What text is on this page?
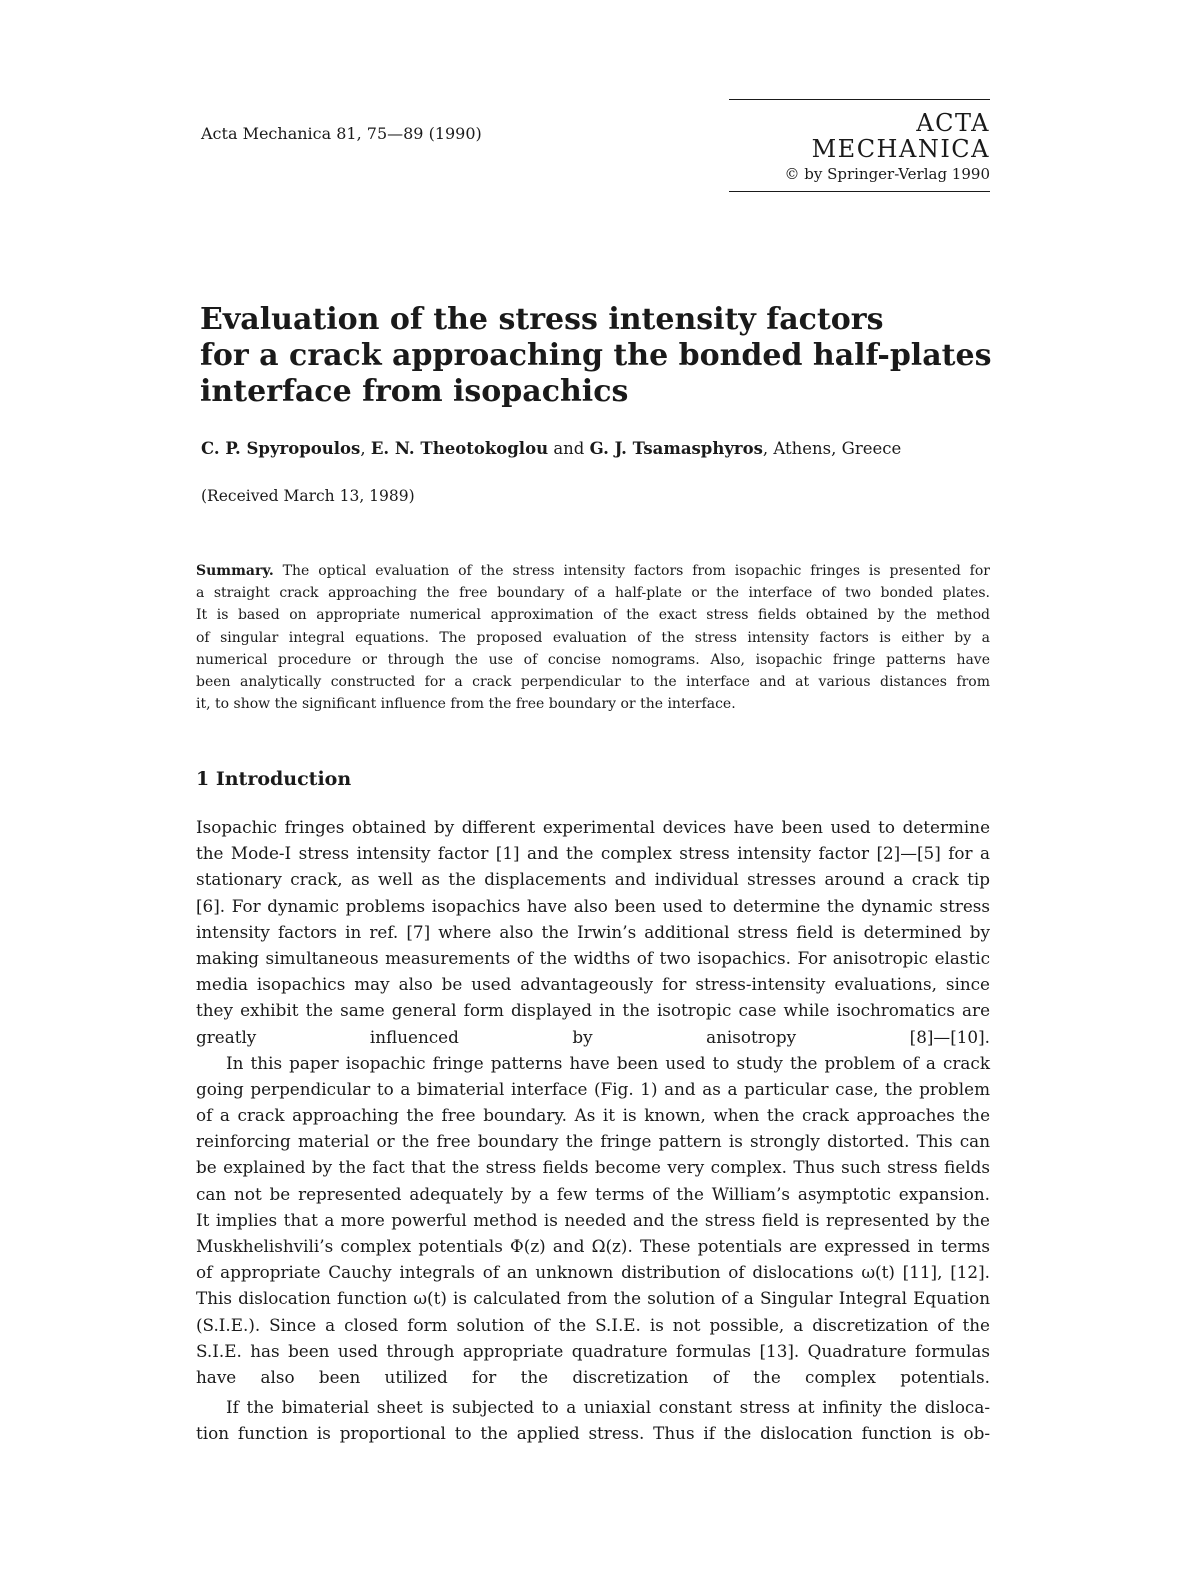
Acta Mechanica 81, 75—89 (1990)	ACTA MECHANICA
© by Springer-Verlag 1990
Evaluation of the stress intensity factors
for a crack approaching the bonded half-plates
interface from isopachics
C. P. Spyropoulos, E. N. Theotokoglou and G. J. Tsamasphyros, Athens, Greece
(Received March 13, 1989)
Summary. The optical evaluation of the stress intensity factors from isopachic fringes is presented for
a straight crack approaching the free boundary of a half-plate or the interface of two bonded plates.
It is based on appropriate numerical approximation of the exact stress fields obtained by the method
of singular integral equations. The proposed evaluation of the stress intensity factors is either by a
numerical procedure or through the use of concise nomograms. Also, isopachic fringe patterns have
been analytically constructed for a crack perpendicular to the interface and at various distances from
it, to show the significant influence from the free boundary or the interface.
1 Introduction
Isopachic fringes obtained by different experimental devices have been used to determine
the Mode-I stress intensity factor [1] and the complex stress intensity factor [2]—[5] for a
stationary crack, as well as the displacements and individual stresses around a crack tip
[6]. For dynamic problems isopachics have also been used to determine the dynamic stress
intensity factors in ref. [7] where also the Irwin’s additional stress field is determined by
making simultaneous measurements of the widths of two isopachics. For anisotropic elastic
media isopachics may also be used advantageously for stress-intensity evaluations, since
they exhibit the same general form displayed in the isotropic case while isochromatics are
greatly influenced by anisotropy [8]—[10].
In this paper isopachic fringe patterns have been used to study the problem of a crack
going perpendicular to a bimaterial interface (Fig. 1) and as a particular case, the problem
of a crack approaching the free boundary. As it is known, when the crack approaches the
reinforcing material or the free boundary the fringe pattern is strongly distorted. This can
be explained by the fact that the stress fields become very complex. Thus such stress fields
can not be represented adequately by a few terms of the William’s asymptotic expansion.
It implies that a more powerful method is needed and the stress field is represented by the
Muskhelishvili’s complex potentials Φ(z) and Ω(z). These potentials are expressed in terms
of appropriate Cauchy integrals of an unknown distribution of dislocations ω(t) [11], [12].
This dislocation function ω(t) is calculated from the solution of a Singular Integral Equation
(S.I.E.). Since a closed form solution of the S.I.E. is not possible, a discretization of the
S.I.E. has been used through appropriate quadrature formulas [13]. Quadrature formulas
have also been utilized for the discretization of the complex potentials.
If the bimaterial sheet is subjected to a uniaxial constant stress at infinity the disloca-
tion function is proportional to the applied stress. Thus if the dislocation function is ob-
